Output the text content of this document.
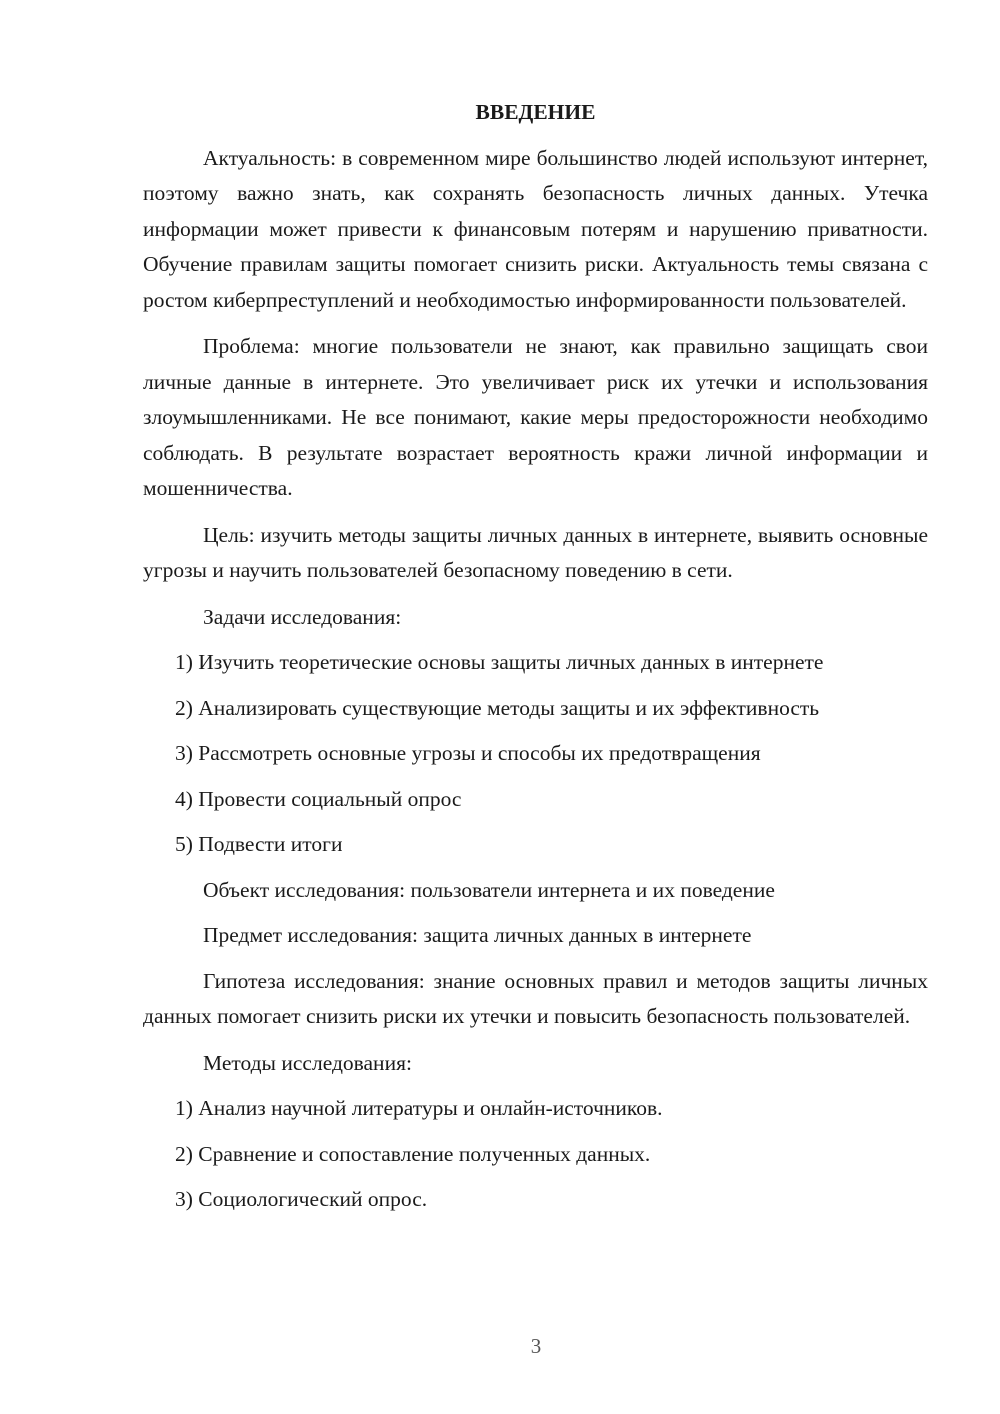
ВВЕДЕНИЕ

Актуальность: в современном мире большинство людей используют интернет, поэтому важно знать, как сохранять безопасность личных данных. Утечка информации может привести к финансовым потерям и нарушению приватности. Обучение правилам защиты помогает снизить риски. Актуальность темы связана с ростом киберпреступлений и необходимостью информированности пользователей.

Проблема: многие пользователи не знают, как правильно защищать свои личные данные в интернете. Это увеличивает риск их утечки и использования злоумышленниками. Не все понимают, какие меры предосторожности необходимо соблюдать. В результате возрастает вероятность кражи личной информации и мошенничества.

Цель: изучить методы защиты личных данных в интернете, выявить основные угрозы и научить пользователей безопасному поведению в сети.

Задачи исследования:
1) Изучить теоретические основы защиты личных данных в интернете
2) Анализировать существующие методы защиты и их эффективность
3) Рассмотреть основные угрозы и способы их предотвращения
4) Провести социальный опрос
5) Подвести итоги
Объект исследования: пользователи интернета и их поведение
Предмет исследования: защита личных данных в интернете

Гипотеза исследования: знание основных правил и методов защиты личных данных помогает снизить риски их утечки и повысить безопасность пользователей.

Методы исследования:
1) Анализ научной литературы и онлайн-источников.
2) Сравнение и сопоставление полученных данных.
3) Социологический опрос.
3
